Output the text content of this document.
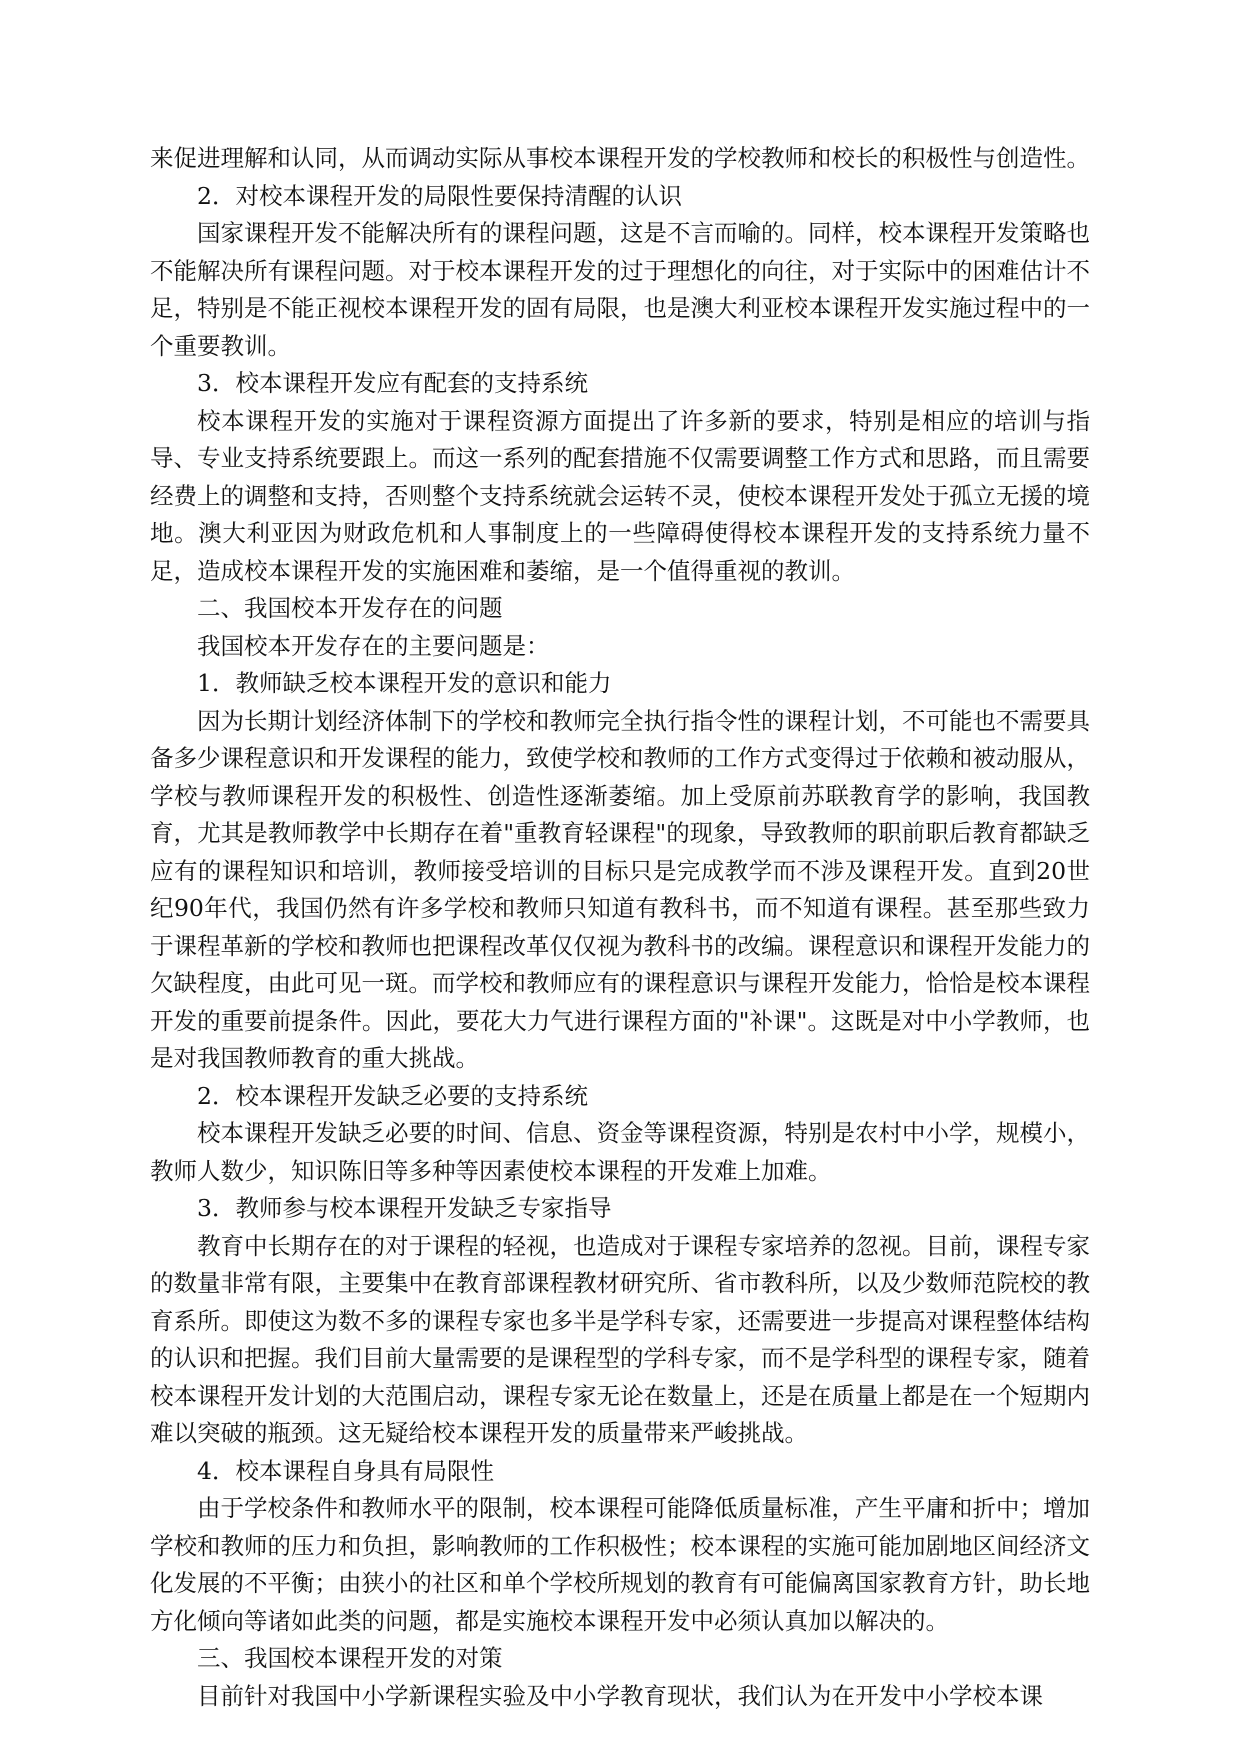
来促进理解和认同，从而调动实际从事校本课程开发的学校教师和校长的积极性与创造性。

2．对校本课程开发的局限性要保持清醒的认识

国家课程开发不能解决所有的课程问题，这是不言而喻的。同样，校本课程开发策略也不能解决所有课程问题。对于校本课程开发的过于理想化的向往，对于实际中的困难估计不足，特别是不能正视校本课程开发的固有局限，也是澳大利亚校本课程开发实施过程中的一个重要教训。

3．校本课程开发应有配套的支持系统

校本课程开发的实施对于课程资源方面提出了许多新的要求，特别是相应的培训与指导、专业支持系统要跟上。而这一系列的配套措施不仅需要调整工作方式和思路，而且需要经费上的调整和支持，否则整个支持系统就会运转不灵，使校本课程开发处于孤立无援的境地。澳大利亚因为财政危机和人事制度上的一些障碍使得校本课程开发的支持系统力量不足，造成校本课程开发的实施困难和萎缩，是一个值得重视的教训。

二、我国校本开发存在的问题

我国校本开发存在的主要问题是：

1．教师缺乏校本课程开发的意识和能力

因为长期计划经济体制下的学校和教师完全执行指令性的课程计划，不可能也不需要具备多少课程意识和开发课程的能力，致使学校和教师的工作方式变得过于依赖和被动服从，学校与教师课程开发的积极性、创造性逐渐萎缩。加上受原前苏联教育学的影响，我国教育，尤其是教师教学中长期存在着"重教育轻课程"的现象，导致教师的职前职后教育都缺乏应有的课程知识和培训，教师接受培训的目标只是完成教学而不涉及课程开发。直到20世纪90年代，我国仍然有许多学校和教师只知道有教科书，而不知道有课程。甚至那些致力于课程革新的学校和教师也把课程改革仅仅视为教科书的改编。课程意识和课程开发能力的欠缺程度，由此可见一斑。而学校和教师应有的课程意识与课程开发能力，恰恰是校本课程开发的重要前提条件。因此，要花大力气进行课程方面的"补课"。这既是对中小学教师，也是对我国教师教育的重大挑战。

2．校本课程开发缺乏必要的支持系统

校本课程开发缺乏必要的时间、信息、资金等课程资源，特别是农村中小学，规模小，教师人数少，知识陈旧等多种等因素使校本课程的开发难上加难。

3．教师参与校本课程开发缺乏专家指导

教育中长期存在的对于课程的轻视，也造成对于课程专家培养的忽视。目前，课程专家的数量非常有限，主要集中在教育部课程教材研究所、省市教科所，以及少数师范院校的教育系所。即使这为数不多的课程专家也多半是学科专家，还需要进一步提高对课程整体结构的认识和把握。我们目前大量需要的是课程型的学科专家，而不是学科型的课程专家，随着校本课程开发计划的大范围启动，课程专家无论在数量上，还是在质量上都是在一个短期内难以突破的瓶颈。这无疑给校本课程开发的质量带来严峻挑战。

4．校本课程自身具有局限性

由于学校条件和教师水平的限制，校本课程可能降低质量标准，产生平庸和折中；增加学校和教师的压力和负担，影响教师的工作积极性；校本课程的实施可能加剧地区间经济文化发展的不平衡；由狭小的社区和单个学校所规划的教育有可能偏离国家教育方针，助长地方化倾向等诸如此类的问题，都是实施校本课程开发中必须认真加以解决的。

三、我国校本课程开发的对策

目前针对我国中小学新课程实验及中小学教育现状，我们认为在开发中小学校本课
